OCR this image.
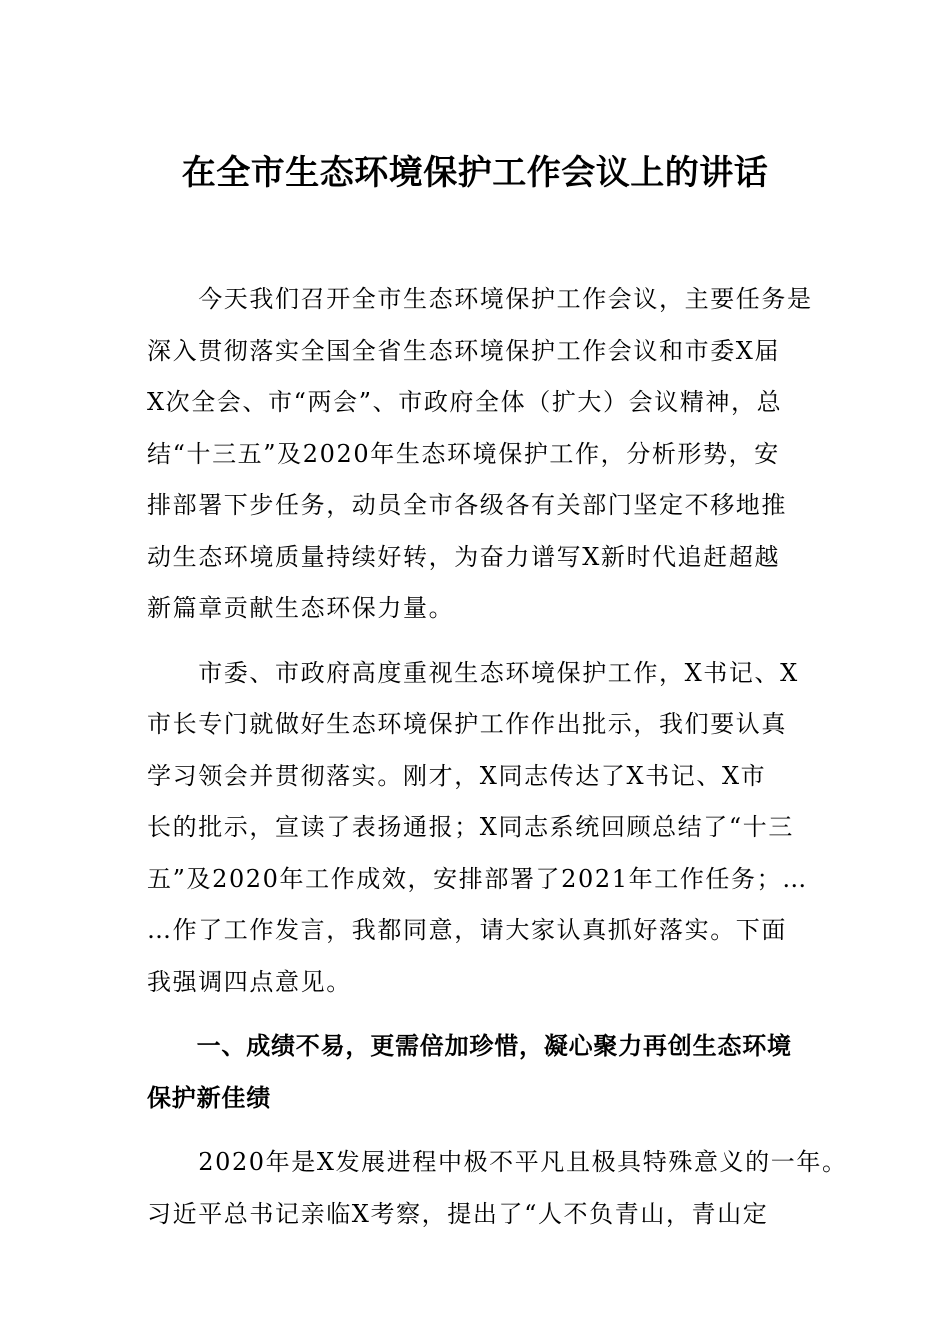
在全市生态环境保护工作会议上的讲话

　　今天我们召开全市生态环境保护工作会议，主要任务是
深入贯彻落实全国全省生态环境保护工作会议和市委X届
X次全会、市“两会”、市政府全体（扩大）会议精神，总
结“十三五”及2020年生态环境保护工作，分析形势，安
排部署下步任务，动员全市各级各有关部门坚定不移地推
动生态环境质量持续好转，为奋力谱写X新时代追赶超越
新篇章贡献生态环保力量。

　　市委、市政府高度重视生态环境保护工作，X书记、X
市长专门就做好生态环境保护工作作出批示，我们要认真
学习领会并贯彻落实。刚才，X同志传达了X书记、X市
长的批示，宣读了表扬通报；X同志系统回顾总结了“十三
五”及2020年工作成效，安排部署了2021年工作任务；…
…作了工作发言，我都同意，请大家认真抓好落实。下面
我强调四点意见。

　　一、成绩不易，更需倍加珍惜，凝心聚力再创生态环境
保护新佳绩

　　2020年是X发展进程中极不平凡且极具特殊意义的一年。
习近平总书记亲临X考察，提出了“人不负青山，青山定
